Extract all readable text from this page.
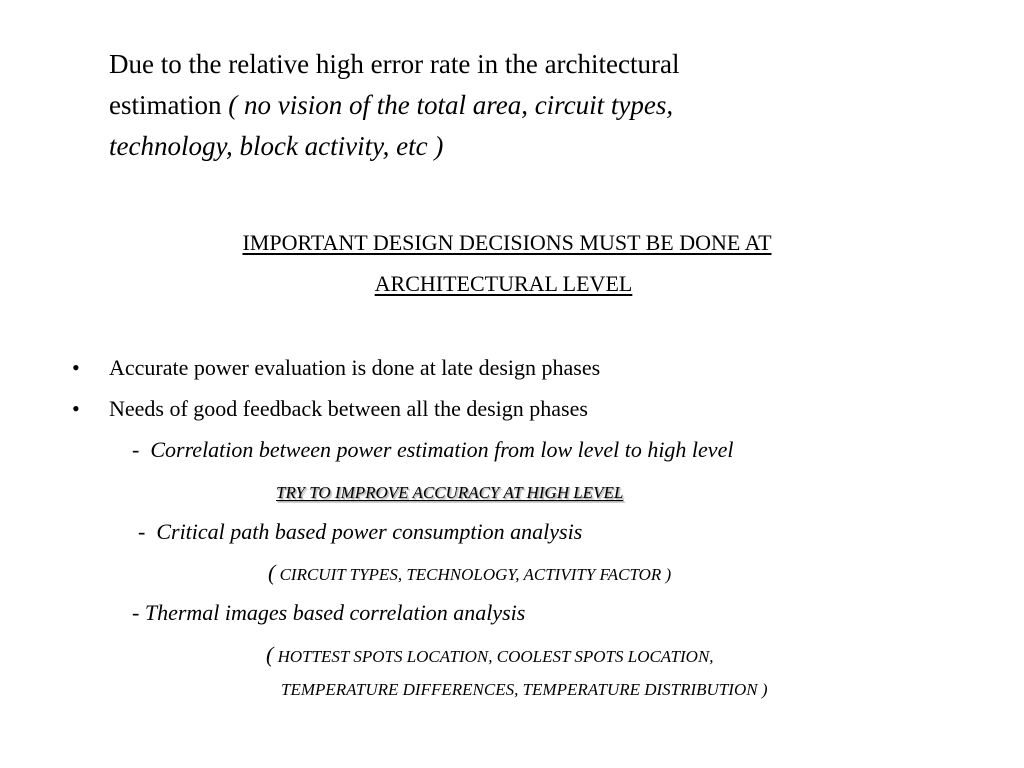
Due to the relative high error rate in the architectural
estimation ( no vision of the total area, circuit types,
technology, block activity, etc )
IMPORTANT DESIGN DECISIONS MUST BE DONE AT
ARCHITECTURAL LEVEL
• Accurate power evaluation is done at late design phases
• Needs of good feedback between all the design phases
- Correlation between power estimation from low level to high level
TRY TO IMPROVE ACCURACY AT HIGH LEVEL
- Critical path based power consumption analysis
( CIRCUIT TYPES, TECHNOLOGY, ACTIVITY FACTOR )
- Thermal images based correlation analysis
( HOTTEST SPOTS LOCATION, COOLEST SPOTS LOCATION,
TEMPERATURE DIFFERENCES, TEMPERATURE DISTRIBUTION )
